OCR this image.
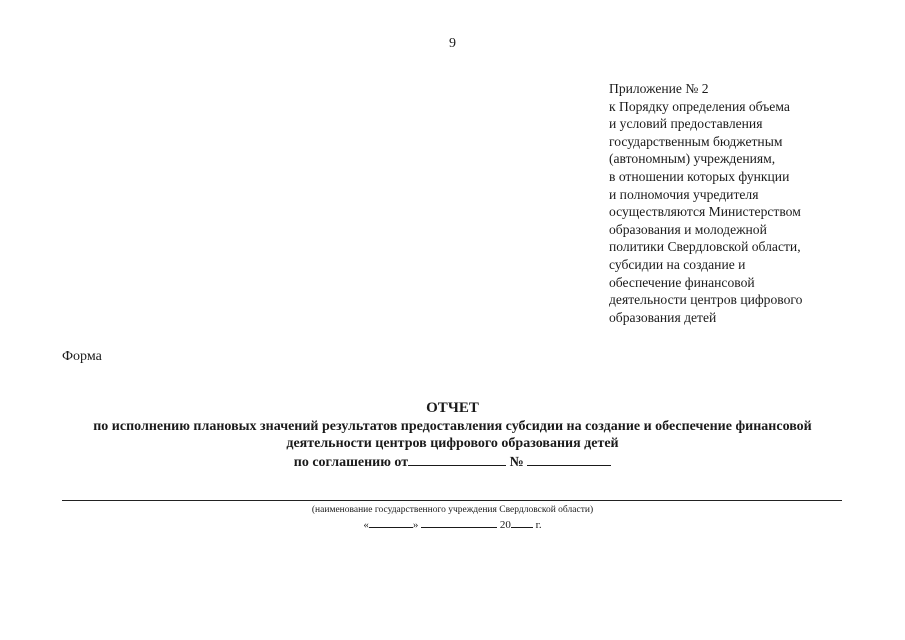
9
Приложение № 2
к Порядку определения объема
и условий предоставления
государственным бюджетным
(автономным) учреждениям,
в отношении которых функции
и полномочия учредителя
осуществляются Министерством
образования и молодежной
политики Свердловской области,
субсидии на создание и
обеспечение финансовой
деятельности центров цифрового
образования детей
Форма
ОТЧЕТ
по исполнению плановых значений результатов предоставления субсидии на создание и обеспечение финансовой
деятельности центров цифрового образования детей
по соглашению от	№
(наименование государственного учреждения Свердловской области)
«	»	20 г.
